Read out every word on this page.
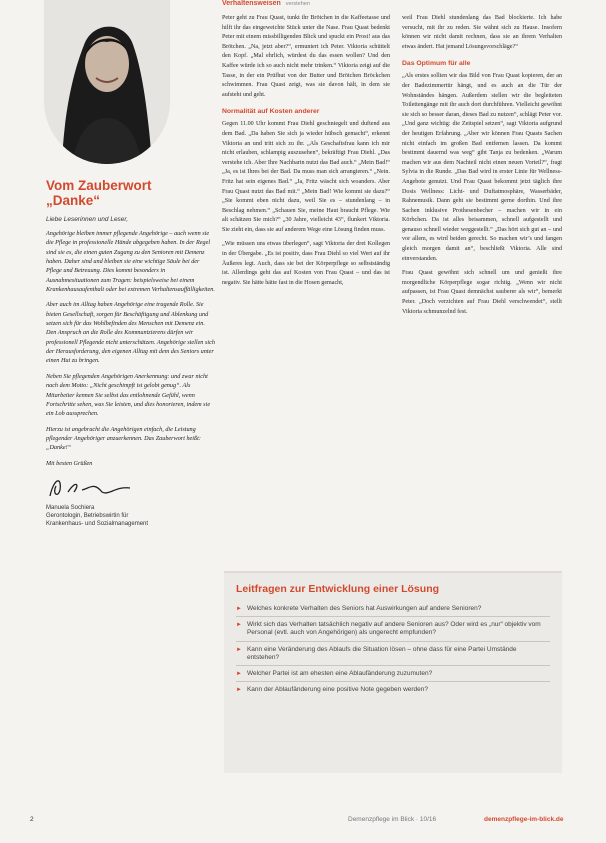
Vom Zauberwort
„Danke“
Liebe Leserinnen und Leser,

Angehörige bleiben immer pflegende Angehörige – auch wenn sie die Pflege in professionelle Hände abgegeben haben. In der Regel sind sie es, die einen guten Zugang zu den Senioren mit Demenz haben. Daher sind und bleiben sie eine wichtige Säule bei der Pflege und Betreuung. Dies kommt besonders in Ausnahmesituationen zum Tragen: beispielsweise bei einem Krankenhausaufenthalt oder bei extremen Verhaltensauffälligkeiten.

Aber auch im Alltag haben Angehörige eine tragende Rolle. Sie bieten Gesellschaft, sorgen für Beschäftigung und Ablenkung und setzen sich für das Wohlbefinden des Menschen mit Demenz ein. Den Anspruch an die Rolle des Kommunizierens dürfen wir professionell Pflegende nicht unterschätzen. Angehörige stellen sich der Herausforderung, den eigenen Alltag mit dem des Seniors unter einen Hut zu bringen.

Neben Sie pflegenden Angehörigen Anerkennung: und zwar nicht nach dem Motto: „Nicht geschimpft ist gelobt genug“. Als Mitarbeiter kennen Sie selbst das entlohnende Gefühl, wenn Fortschritte sehen, was Sie leisten, und dies honorieren, indem sie ein Lob aussprechen.

Hierzu ist angebracht die Angehörigen einfach, die Leistung pflegender Angehöriger anzuerkennen. Das Zauberwort heißt: „Danke!“

Mit besten Grüßen

Manuela Sochiera
Gerontologin, Betriebswirtin für
Krankenhaus- und Sozialmanagement
Verhaltensweisen verstehen

Peter geht zu Frau Quast, tunkt ihr Brötchen in die Kaffeetasse und hilft ihr das eingeweichte Stück unter die Nase. Frau Quast bedenkt Peter mit einem missbilligenden Blick und spuckt ein Prost! aus das Brötchen. „Na, jetzt aber?“, ermuntert ich Peter. Viktoria schüttelt den Kopf. „Mal ehrlich, würdest du das essen wollen? Und den Kaffee würde ich so auch nicht mehr trinken.“ Viktoria zeigt auf die Tasse, in der ein Prüfhut von der Butter und Brötchen Bröckchen schwimmen. Frau Quast zeigt, was sie davon hält, in dem sie aufsteht und geht.

Normalität auf Kosten anderer

Gegen 11.00 Uhr kommt Frau Diehl geschniegelt und duftend aus dem Bad. „Da haben Sie sich ja wieder hübsch gemacht“, erkennt Viktoria an und tritt sich zu ihr. „Als Geschaftsfrau kann ich mir nicht erlauben, schlampig auszusehen“, bekräftigt Frau Diehl. „Das verstehe ich. Aber Ihre Nachbarin nutzt das Bad auch.“ „Mein Bad!“ „Ja, es ist Ihres bei der Bad. Da muss man sich arrangieren.“ „Nein. Fritz hat sein eigenes Bad.“ „Ja, Fritz wäscht sich woanders. Aber Frau Quast nutzt das Bad mit.“ „Mein Bad! Wie kommt sie dazu?“ „Sie kommt eben nicht dazu, weil Sie es – stundenlang – in Beschlag nehmen.“ „Schauen Sie, meine Haut braucht Pflege. Wie alt schätzen Sie mich?“ „30 Jahre, vielleicht 43“, flunkert Viktoria. Sie zieht ein, dass sie auf anderem Wege eine Lösung finden muss.

„Wie müssen uns etwas überlegen“, sagt Viktoria der drei Kollegen in der Übergabe. „Es ist positiv, dass Frau Diehl so viel Wert auf ihr Äußeres legt. Auch, dass sie bei der Körperpflege so selbstständig ist. Allerdings geht das auf Kosten von Frau Quast – und das ist negativ. Sie hätte hätte fast in die Hosen gemacht,

weil Frau Diehl stundenlang das Bad blockierte. Ich habe versucht, mit ihr zu reden. Sie wähnt sich zu Hause. Insofern können wir nicht damit rechnen, dass sie an ihrem Verhalten etwas ändert. Hat jemand Lösungsvorschläge?“

Das Optimum für alle

„Als erstes sollten wir das Bild von Frau Quast kopieren, der an der Badezimmertür hängt, und es auch an die Tür der Wohnständes hängen. Außerdem stellen wir die begleiteten Toilettengänge mit ihr auch dort durchführen. Vielleicht gewöhnt sie sich so besser daran, dieses Bad zu nutzen“, schlägt Peter vor. „Und ganz wichtig: die Zeitspiel setzen“, sagt Viktoria aufgrund der heutigen Erfahrung. „Aber wir können Frau Quasts Sachen nicht einfach im großen Bad entfernen lassen. Da kommt bestimmt dauernd was weg“ gibt Tanja zu bedenken. „Warum machen wir aus dem Nachteil nicht einen neuen Vorteil?“, fragt Sylvia in die Runde. „Das Bad wird in erster Linie für Wellness-Angebote genutzt. Und Frau Quast bekommt jetzt täglich ihre Dosis Wellness: Licht- und Duftatmosphäre, Wasserbäder, Rahnemusik. Dann geht sie bestimmt gerne dorthin. Und ihre Sachen inklusive Prothesenbecher – machen wir in ein Körbchen. Da ist alles beisammen, schnell aufgestellt und genauso schnell wieder weggestellt.“ „Das hört sich gut an – und vor allem, es wird beiden gerecht. So machen wir’s und fangen gleich morgen damit an“, beschließt Viktoria. Alle sind einverstanden.

Frau Quast gewöhnt sich schnell um und genießt ihre morgendliche Körperpflege sogar richtig. „Wenn wir nicht aufpassen, ist Frau Quast demnächst sauberer als wir“, bemerkt Peter. „Doch verzichten auf Frau Diehl verschwendet“, stellt Viktoria schmunzelnd fest.

Leitfragen zur Entwicklung einer Lösung
► Welches konkrete Verhalten des Seniors hat Auswirkungen auf andere Senioren?
► Wirkt sich das Verhalten tatsächlich negativ auf andere Senioren aus? Oder wird es „nur“ objektiv vom Personal (evtl. auch von Angehörigen) als ungerecht empfunden?
► Kann eine Veränderung des Ablaufs die Situation lösen – ohne dass für eine Partei Umstände entstehen?
► Welcher Partei ist am ehesten eine Ablaufänderung zuzumuten?
► Kann der Ablaufänderung eine positive Note gegeben werden?
2	Demenzpflege im Blick · 10/16	demenzpflege-im-blick.de
